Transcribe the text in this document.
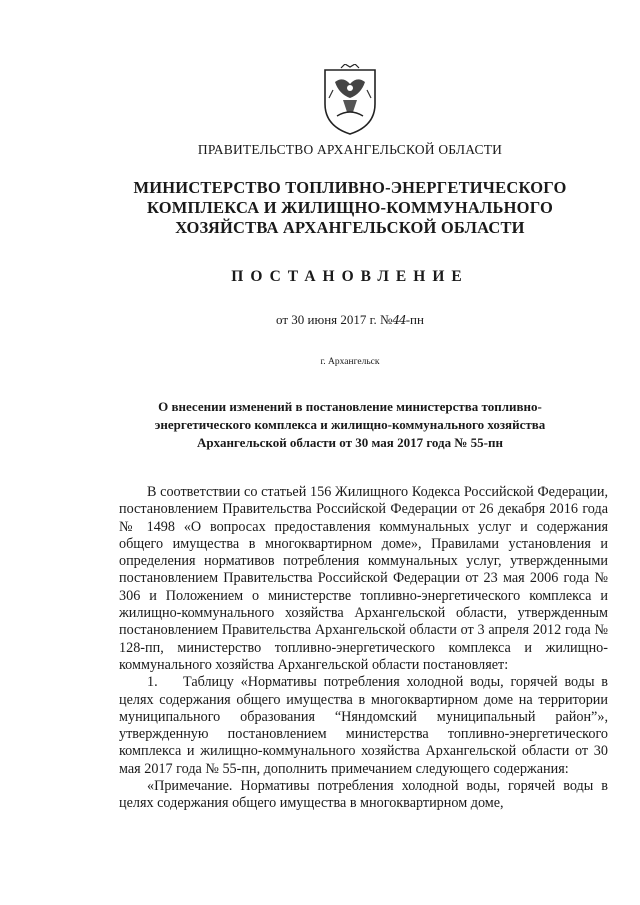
ПРАВИТЕЛЬСТВО АРХАНГЕЛЬСКОЙ ОБЛАСТИ
МИНИСТЕРСТВО ТОПЛИВНО-ЭНЕРГЕТИЧЕСКОГО
КОМПЛЕКСА И ЖИЛИЩНО-КОММУНАЛЬНОГО
ХОЗЯЙСТВА АРХАНГЕЛЬСКОЙ ОБЛАСТИ
ПОСТАНОВЛЕНИЕ
от 30 июня 2017 г. №44-пн
г. Архангельск
О внесении изменений в постановление министерства топливно-
энергетического комплекса и жилищно-коммунального хозяйства
Архангельской области от 30 мая 2017 года № 55-пн

В соответствии со статьей 156 Жилищного Кодекса Российской Федерации, постановлением Правительства Российской Федерации от 26 декабря 2016 года № 1498 «О вопросах предоставления коммунальных услуг и содержания общего имущества в многоквартирном доме», Правилами установления и определения нормативов потребления коммунальных услуг, утвержденными постановлением Правительства Российской Федерации от 23 мая 2006 года № 306 и Положением о министерстве топливно-энергетического комплекса и жилищно-коммунального хозяйства Архангельской области, утвержденным постановлением Правительства Архангельской области от 3 апреля 2012 года № 128-пп, министерство топливно-энергетического комплекса и жилищно-коммунального хозяйства Архангельской области постановляет:

1. Таблицу «Нормативы потребления холодной воды, горячей воды в целях содержания общего имущества в многоквартирном доме на территории муниципального образования “Няндомский муниципальный район”», утвержденную постановлением министерства топливно-энергетического комплекса и жилищно-коммунального хозяйства Архангельской области от 30 мая 2017 года № 55-пн, дополнить примечанием следующего содержания:

«Примечание. Нормативы потребления холодной воды, горячей воды в целях содержания общего имущества в многоквартирном доме,
